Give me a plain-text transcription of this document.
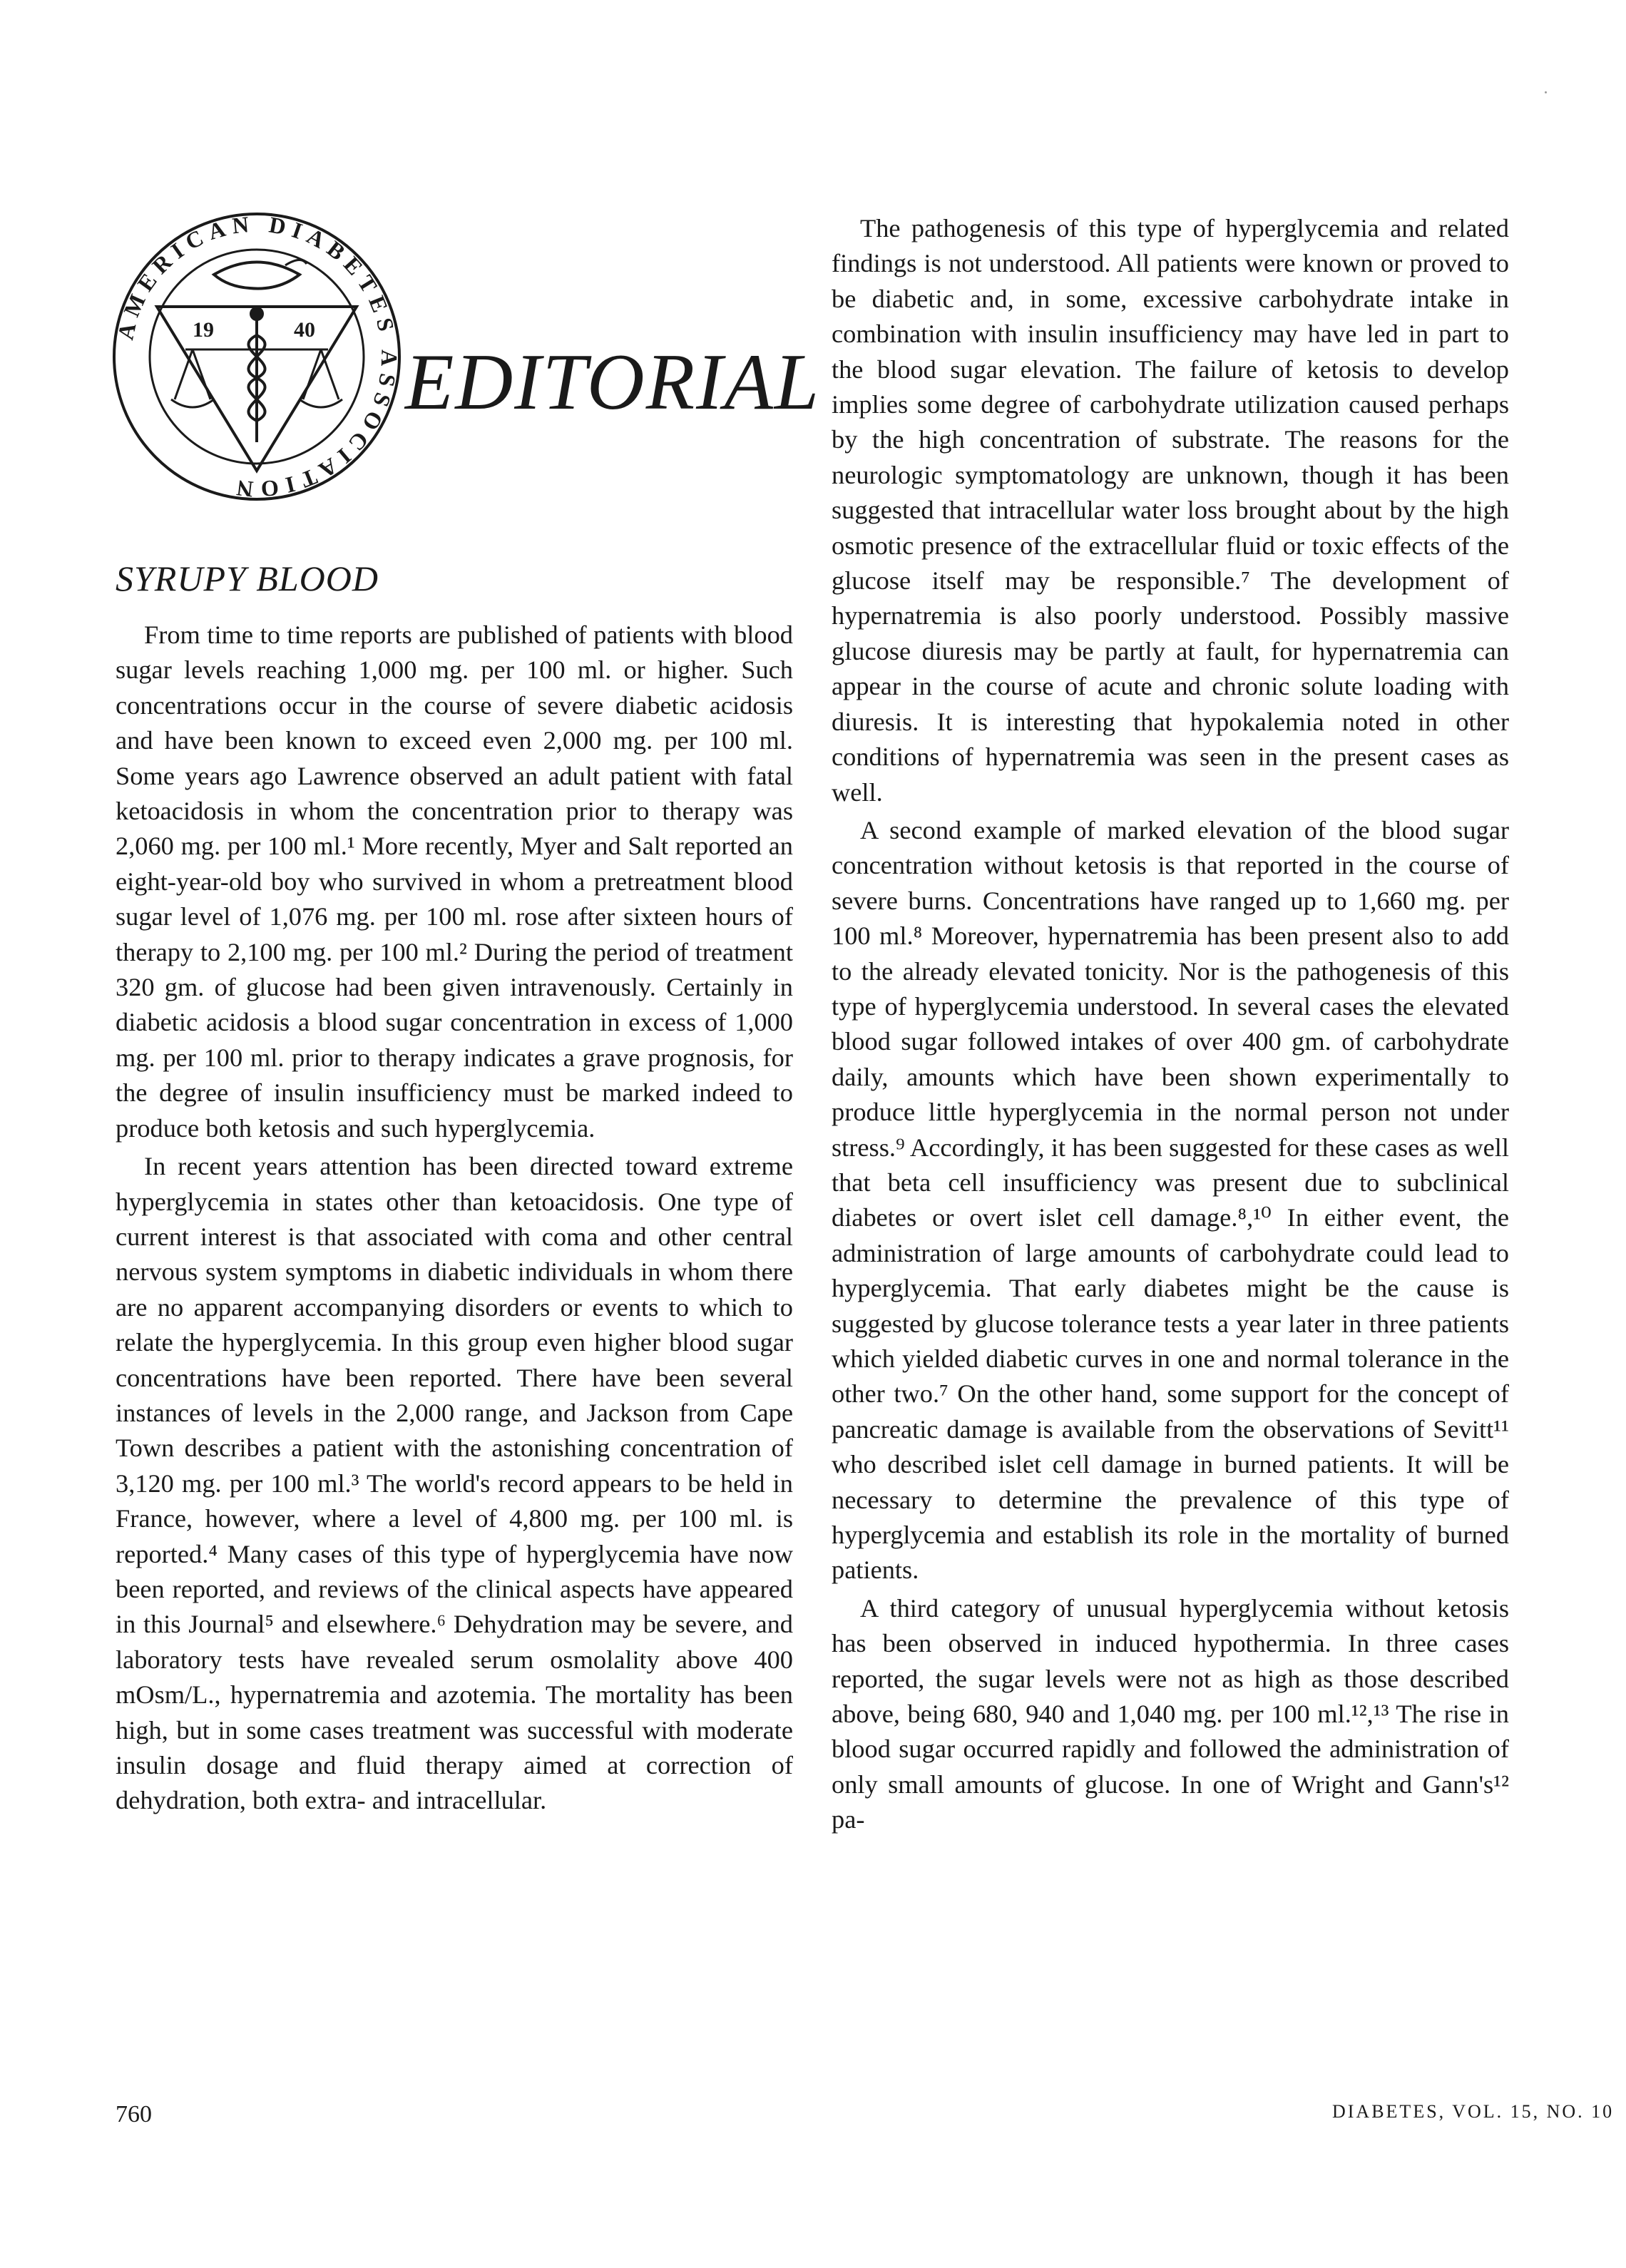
AMERICAN DIABETES ASSOCIATION
19	40
EDITORIAL
SYRUPY BLOOD

From time to time reports are published of patients with blood sugar levels reaching 1,000 mg. per 100 ml. or higher. Such concentrations occur in the course of severe diabetic acidosis and have been known to exceed even 2,000 mg. per 100 ml. Some years ago Lawrence observed an adult patient with fatal ketoacidosis in whom the concentration prior to therapy was 2,060 mg. per 100 ml.¹ More recently, Myer and Salt reported an eight-year-old boy who survived in whom a pretreatment blood sugar level of 1,076 mg. per 100 ml. rose after sixteen hours of therapy to 2,100 mg. per 100 ml.² During the period of treatment 320 gm. of glucose had been given intravenously. Certainly in diabetic acidosis a blood sugar concentration in excess of 1,000 mg. per 100 ml. prior to therapy indicates a grave prognosis, for the degree of insulin insufficiency must be marked indeed to produce both ketosis and such hyperglycemia.

In recent years attention has been directed toward extreme hyperglycemia in states other than ketoacidosis. One type of current interest is that associated with coma and other central nervous system symptoms in diabetic individuals in whom there are no apparent accompanying disorders or events to which to relate the hyperglycemia. In this group even higher blood sugar concentrations have been reported. There have been several instances of levels in the 2,000 range, and Jackson from Cape Town describes a patient with the astonishing concentration of 3,120 mg. per 100 ml.³ The world's record appears to be held in France, however, where a level of 4,800 mg. per 100 ml. is reported.⁴ Many cases of this type of hyperglycemia have now been reported, and reviews of the clinical aspects have appeared in this Journal⁵ and elsewhere.⁶ Dehydration may be severe, and laboratory tests have revealed serum osmolality above 400 mOsm/L., hypernatremia and azotemia. The mortality has been high, but in some cases treatment was successful with moderate insulin dosage and fluid therapy aimed at correction of dehydration, both extra- and intracellular.

The pathogenesis of this type of hyperglycemia and related findings is not understood. All patients were known or proved to be diabetic and, in some, excessive carbohydrate intake in combination with insulin insufficiency may have led in part to the blood sugar elevation. The failure of ketosis to develop implies some degree of carbohydrate utilization caused perhaps by the high concentration of substrate. The reasons for the neurologic symptomatology are unknown, though it has been suggested that intracellular water loss brought about by the high osmotic presence of the extracellular fluid or toxic effects of the glucose itself may be responsible.⁷ The development of hypernatremia is also poorly understood. Possibly massive glucose diuresis may be partly at fault, for hypernatremia can appear in the course of acute and chronic solute loading with diuresis. It is interesting that hypokalemia noted in other conditions of hypernatremia was seen in the present cases as well.

A second example of marked elevation of the blood sugar concentration without ketosis is that reported in the course of severe burns. Concentrations have ranged up to 1,660 mg. per 100 ml.⁸ Moreover, hypernatremia has been present also to add to the already elevated tonicity. Nor is the pathogenesis of this type of hyperglycemia understood. In several cases the elevated blood sugar followed intakes of over 400 gm. of carbohydrate daily, amounts which have been shown experimentally to produce little hyperglycemia in the normal person not under stress.⁹ Accordingly, it has been suggested for these cases as well that beta cell insufficiency was present due to subclinical diabetes or overt islet cell damage.⁸,¹⁰ In either event, the administration of large amounts of carbohydrate could lead to hyperglycemia. That early diabetes might be the cause is suggested by glucose tolerance tests a year later in three patients which yielded diabetic curves in one and normal tolerance in the other two.⁷ On the other hand, some support for the concept of pancreatic damage is available from the observations of Sevitt¹¹ who described islet cell damage in burned patients. It will be necessary to determine the prevalence of this type of hyperglycemia and establish its role in the mortality of burned patients.

A third category of unusual hyperglycemia without ketosis has been observed in induced hypothermia. In three cases reported, the sugar levels were not as high as those described above, being 680, 940 and 1,040 mg. per 100 ml.¹²,¹³ The rise in blood sugar occurred rapidly and followed the administration of only small amounts of glucose. In one of Wright and Gann's¹² pa-

760	DIABETES, VOL. 15, NO. 10
